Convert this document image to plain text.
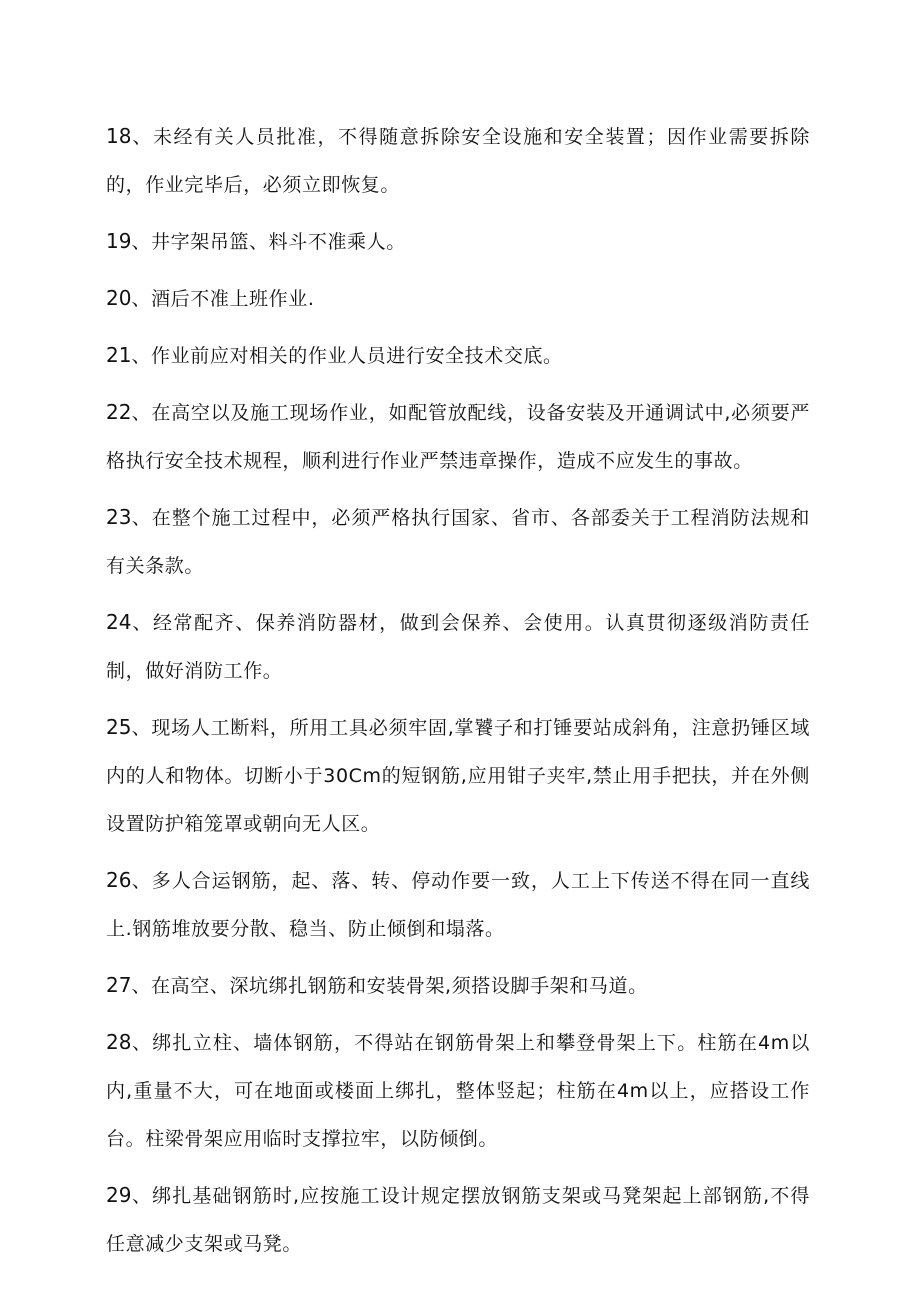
18、未经有关人员批准，不得随意拆除安全设施和安全装置；因作业需要拆除的，作业完毕后，必须立即恢复。

19、井字架吊篮、料斗不准乘人。

20、酒后不准上班作业.

21、作业前应对相关的作业人员进行安全技术交底。

22、在高空以及施工现场作业，如配管放配线，设备安装及开通调试中,必须要严格执行安全技术规程，顺利进行作业严禁违章操作，造成不应发生的事故。

23、在整个施工过程中，必须严格执行国家、省市、各部委关于工程消防法规和有关条款。

24、经常配齐、保养消防器材，做到会保养、会使用。认真贯彻逐级消防责任制，做好消防工作。

25、现场人工断料，所用工具必须牢固,掌饕子和打锤要站成斜角，注意扔锤区域内的人和物体。切断小于30Cm的短钢筋,应用钳子夹牢,禁止用手把扶，并在外侧设置防护箱笼罩或朝向无人区。

26、多人合运钢筋，起、落、转、停动作要一致，人工上下传送不得在同一直线上.钢筋堆放要分散、稳当、防止倾倒和塌落。

27、在高空、深坑绑扎钢筋和安装骨架,须搭设脚手架和马道。

28、绑扎立柱、墙体钢筋，不得站在钢筋骨架上和攀登骨架上下。柱筋在4m以内,重量不大，可在地面或楼面上绑扎，整体竖起；柱筋在4m以上，应搭设工作台。柱梁骨架应用临时支撑拉牢，以防倾倒。

29、绑扎基础钢筋时,应按施工设计规定摆放钢筋支架或马凳架起上部钢筋,不得任意减少支架或马凳。
